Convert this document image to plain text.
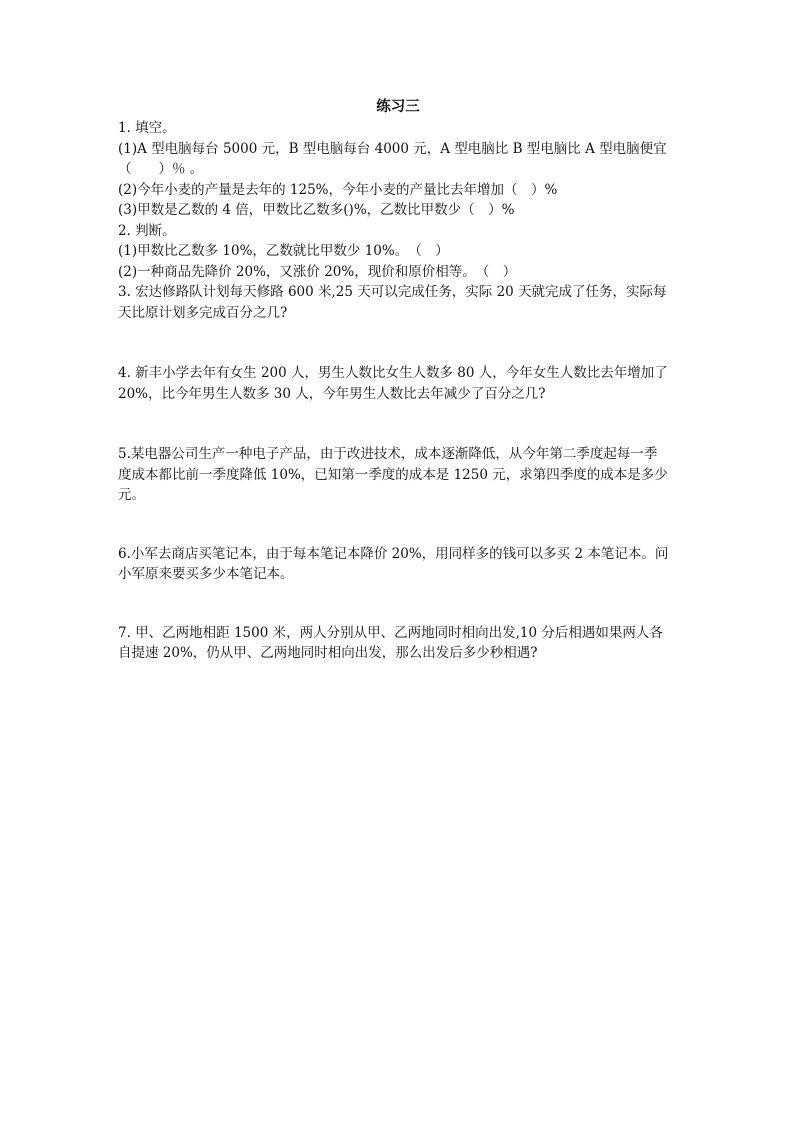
练习三
1. 填空。
(1)A 型电脑每台 5000 元，B 型电脑每台 4000 元，A 型电脑比 B 型电脑比 A 型电脑便宜
（　　）％ 。
(2)今年小麦的产量是去年的 125%，今年小麦的产量比去年增加（　）%
(3)甲数是乙数的 4 倍，甲数比乙数多()%，乙数比甲数少（　）%
2. 判断。
(1)甲数比乙数多 10%，乙数就比甲数少 10%。　（　）
(2)一种商品先降价 20%，又涨价 20%，现价和原价相等。　（　）
3. 宏达修路队计划每天修路 600 米,25 天可以完成任务，实际 20 天就完成了任务，实际每
天比原计划多完成百分之几?
4. 新丰小学去年有女生 200 人，男生人数比女生人数多 80 人，今年女生人数比去年增加了
20%，比今年男生人数多 30 人，今年男生人数比去年减少了百分之几?
5.某电器公司生产一种电子产品，由于改进技术，成本逐渐降低，从今年第二季度起每一季
度成本都比前一季度降低 10%，已知第一季度的成本是 1250 元，求第四季度的成本是多少
元。
6.小军去商店买笔记本，由于每本笔记本降价 20%，用同样多的钱可以多买 2 本笔记本。问
小军原来要买多少本笔记本。
7. 甲、乙两地相距 1500 米，两人分别从甲、乙两地同时相向出发,10 分后相遇如果两人各
自提速 20%，仍从甲、乙两地同时相向出发，那么出发后多少秒相遇?
